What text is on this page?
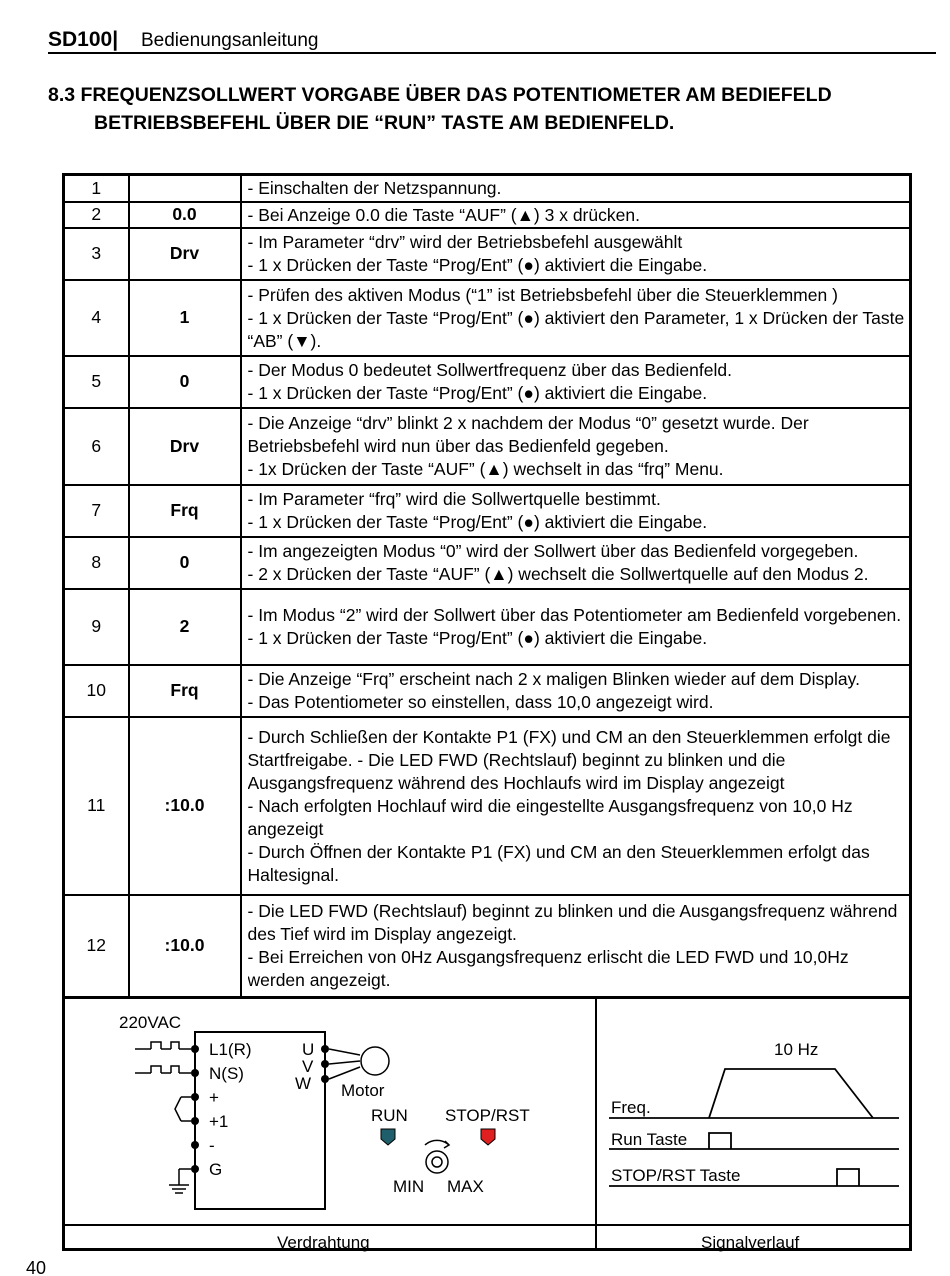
SD100| Bedienungsanleitung
8.3 FREQUENZSOLLWERT VORGABE ÜBER DAS POTENTIOMETER AM BEDIEFELD
BETRIEBSBEFEHL ÜBER DIE “RUN” TASTE AM BEDIENFELD.
1		- Einschalten der Netzspannung.

2	0.0	- Bei Anzeige 0.0 die Taste “AUF” (▲) 3 x drücken.

3	Drv	- Im Parameter “drv” wird der Betriebsbefehl ausgewählt
- 1 x Drücken der Taste “Prog/Ent” (●) aktiviert die Eingabe.

4	1	- Prüfen des aktiven Modus (“1” ist Betriebsbefehl über die Steuerklemmen )
- 1 x Drücken der Taste “Prog/Ent” (●) aktiviert den Parameter, 1 x Drücken der Taste “AB” (▼).

5	0	- Der Modus 0 bedeutet Sollwertfrequenz über das Bedienfeld.
- 1 x Drücken der Taste “Prog/Ent” (●) aktiviert die Eingabe.

6	Drv	- Die Anzeige “drv” blinkt 2 x nachdem der Modus “0” gesetzt wurde. Der Betriebsbefehl wird nun über das Bedienfeld gegeben.
- 1x Drücken der Taste “AUF” (▲) wechselt in das “frq” Menu.

7	Frq	- Im Parameter “frq” wird die Sollwertquelle bestimmt.
- 1 x Drücken der Taste “Prog/Ent” (●) aktiviert die Eingabe.

8	0	- Im angezeigten Modus “0” wird der Sollwert über das Bedienfeld vorgegeben.
- 2 x Drücken der Taste “AUF” (▲) wechselt die Sollwertquelle auf den Modus 2.

9	2	- Im Modus “2” wird der Sollwert über das Potentiometer am Bedienfeld vorgebenen.
- 1 x Drücken der Taste “Prog/Ent” (●) aktiviert die Eingabe.

10	Frq	- Die Anzeige “Frq” erscheint nach 2 x maligen Blinken wieder auf dem Display.
- Das Potentiometer so einstellen, dass 10,0 angezeigt wird.

11	:10.0	- Durch Schließen der Kontakte P1 (FX) und CM an den Steuerklemmen erfolgt die Startfreigabe. - Die LED FWD (Rechtslauf) beginnt zu blinken und die Ausgangsfrequenz während des Hochlaufs wird im Display angezeigt
- Nach erfolgten Hochlauf wird die eingestellte Ausgangsfrequenz von 10,0 Hz angezeigt
- Durch Öffnen der Kontakte P1 (FX) und CM an den Steuerklemmen erfolgt das Haltesignal.

12	:10.0	- Die LED FWD (Rechtslauf) beginnt zu blinken und die Ausgangsfrequenz während des Tief wird im Display angezeigt.
- Bei Erreichen von 0Hz Ausgangsfrequenz erlischt die LED FWD und 10,0Hz werden angezeigt.
220VAC
L1(R)
N(S)
+
+1
-
G
U
V
W Motor
RUN STOP/RST
MIN MAX
10 Hz
Freq.
Run Taste
STOP/RST Taste
Verdrahtung	Signalverlauf
40
